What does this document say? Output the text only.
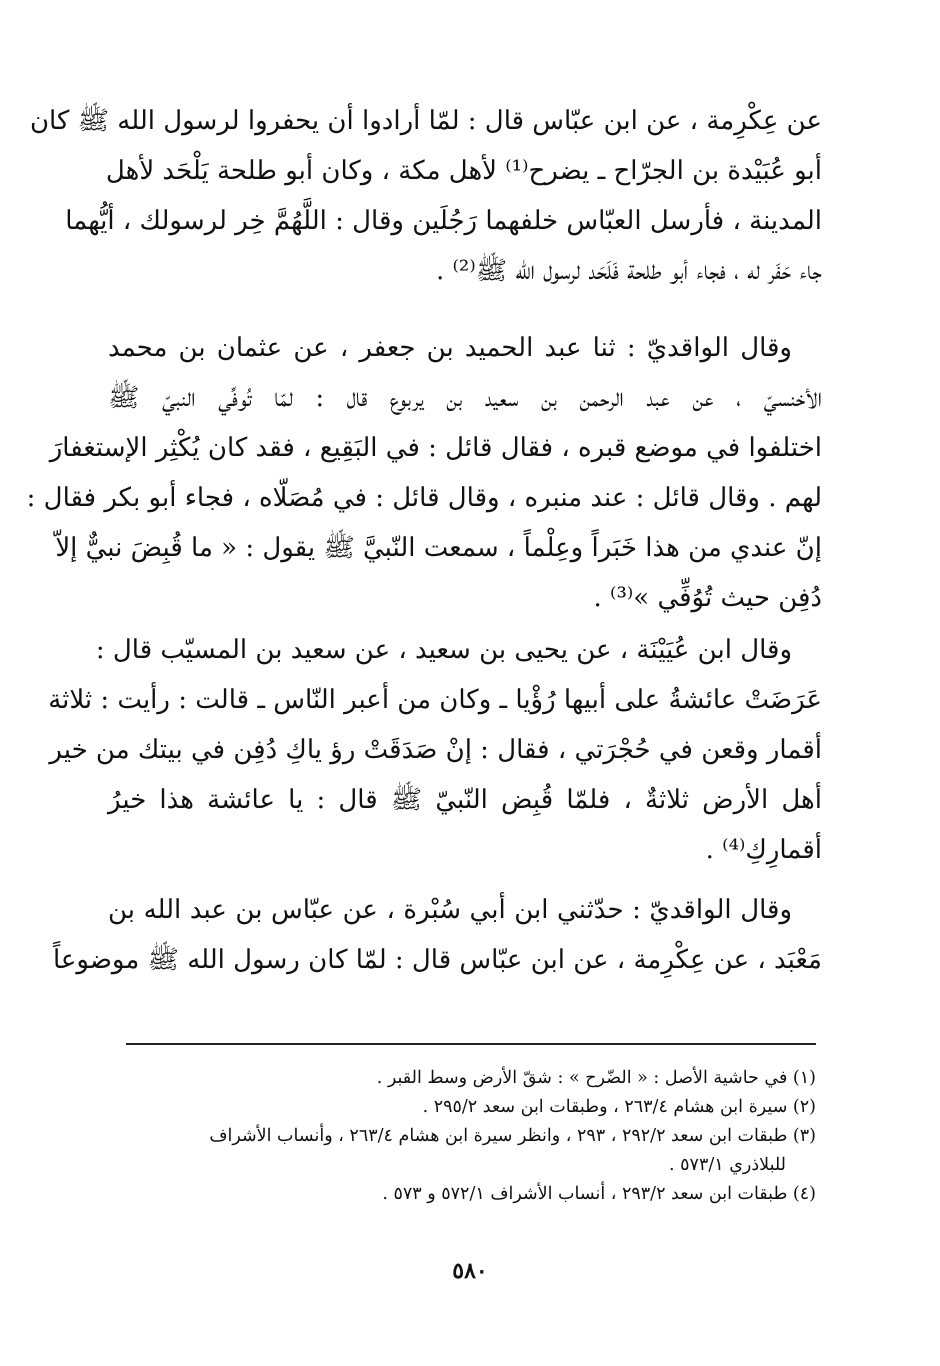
عن عِكْرِمة ، عن ابن عبّاس قال : لمّا أرادوا أن يحفروا لرسول الله ﷺ كان
أبو عُبَيْدة بن الجرّاح ـ يضرح⁽¹⁾ لأهل مكة ، وكان أبو طلحة يَلْحَد لأهل
المدينة ، فأرسل العبّاس خلفهما رَجُلَين وقال : اللَّهُمَّ خِر لرسولك ، أيُّهما
جاء حَفَر له ، فجاء أبو طلحة فَلَحَد لرسول الله ﷺ⁽²⁾ .
وقال الواقديّ : ثنا عبد الحميد بن جعفر ، عن عثمان بن محمد
الأخنسيّ ، عن عبد الرحمن بن سعيد بن يربوع قال : لمّا تُوفِّي النبيّ ﷺ
اختلفوا في موضع قبره ، فقال قائل : في البَقِيع ، فقد كان يُكْثِر الإستغفارَ
لهم . وقال قائل : عند منبره ، وقال قائل : في مُصَلّاه ، فجاء أبو بكر فقال :
إنّ عندي من هذا خَبَراً وعِلْماً ، سمعت النّبيَّ ﷺ يقول : « ما قُبِضَ نبيٌّ إلاّ
دُفِن حيث تُوُفِّي »⁽³⁾ .
وقال ابن عُيَيْنَة ، عن يحيى بن سعيد ، عن سعيد بن المسيّب قال :
عَرَضَتْ عائشةُ على أبيها رُؤْيا ـ وكان من أعبر النّاس ـ قالت : رأيت : ثلاثة
أقمار وقعن في حُجْرَتي ، فقال : إنْ صَدَقَتْ رؤ ياكِ دُفِن في بيتك من خير
أهل الأرض ثلاثةٌ ، فلمّا قُبِض النّبيّ ﷺ قال : يا عائشة هذا خيرُ
أقمارِكِ⁽⁴⁾ .
وقال الواقديّ : حدّثني ابن أبي سُبْرة ، عن عبّاس بن عبد الله بن
مَعْبَد ، عن عِكْرِمة ، عن ابن عبّاس قال : لمّا كان رسول الله ﷺ موضوعاً
(١) في حاشية الأصل : « الضّرح » : شقّ الأرض وسط القبر .
(٢) سيرة ابن هشام ٢٦٣/٤ ، وطبقات ابن سعد ٢٩٥/٢ .
(٣) طبقات ابن سعد ٢٩٢/٢ ، ٢٩٣ ، وانظر سيرة ابن هشام ٢٦٣/٤ ، وأنساب الأشراف
للبلاذري ٥٧٣/١ .
(٤) طبقات ابن سعد ٢٩٣/٢ ، أنساب الأشراف ٥٧٢/١ و ٥٧٣ .
٥٨٠
